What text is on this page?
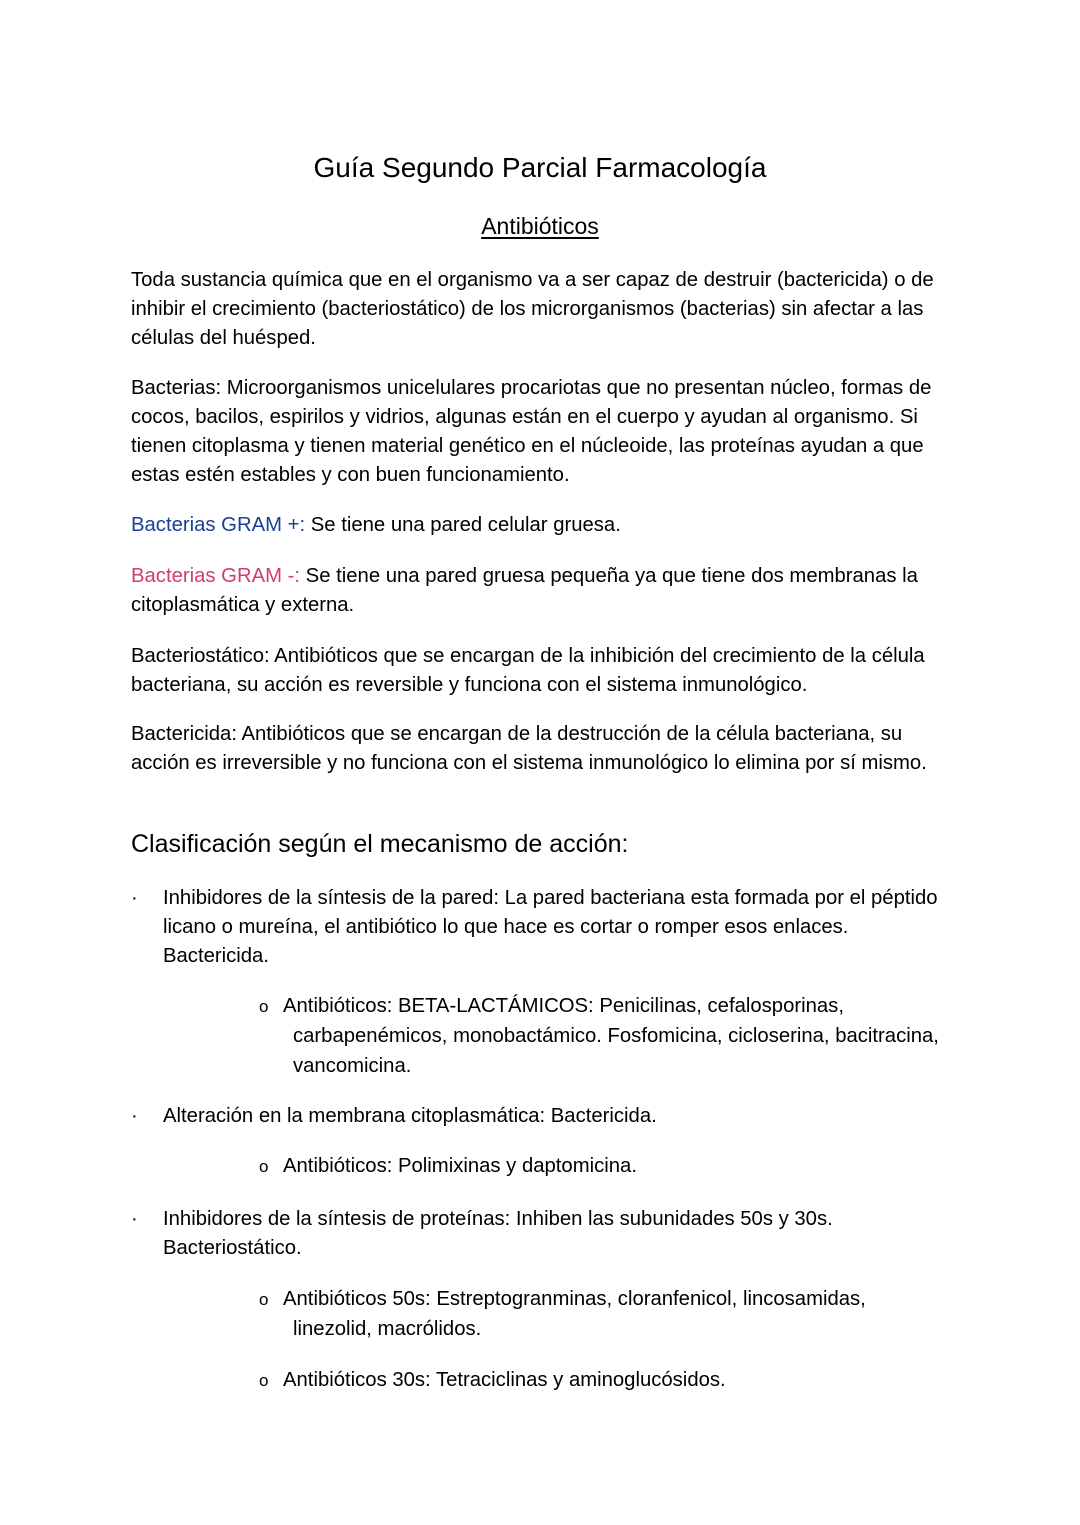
Guía Segundo Parcial Farmacología
Antibióticos

Toda sustancia química que en el organismo va a ser capaz de destruir (bactericida) o de inhibir el crecimiento (bacteriostático) de los microrganismos (bacterias) sin afectar a las células del huésped.

Bacterias: Microorganismos unicelulares procariotas que no presentan núcleo, formas de cocos, bacilos, espirilos y vidrios, algunas están en el cuerpo y ayudan al organismo. Si tienen citoplasma y tienen material genético en el núcleoide, las proteínas ayudan a que estas estén estables y con buen funcionamiento.

Bacterias GRAM +: Se tiene una pared celular gruesa.

Bacterias GRAM -: Se tiene una pared gruesa pequeña ya que tiene dos membranas la citoplasmática y externa.

Bacteriostático: Antibióticos que se encargan de la inhibición del crecimiento de la célula bacteriana, su acción es reversible y funciona con el sistema inmunológico.

Bactericida: Antibióticos que se encargan de la destrucción de la célula bacteriana, su acción es irreversible y no funciona con el sistema inmunológico lo elimina por sí mismo.

Clasificación según el mecanismo de acción:
· Inhibidores de la síntesis de la pared: La pared bacteriana esta formada por el péptido licano o mureína, el antibiótico lo que hace es cortar o romper esos enlaces. Bactericida.

o Antibióticos: BETA-LACTÁMICOS: Penicilinas, cefalosporinas,
carbapenémicos, monobactámico. Fosfomicina, cicloserina, bacitracina, vancomicina.

· Alteración en la membrana citoplasmática: Bactericida.

o Antibióticos: Polimixinas y daptomicina.

· Inhibidores de la síntesis de proteínas: Inhiben las subunidades 50s y 30s. Bacteriostático.

o Antibióticos 50s: Estreptogranminas, cloranfenicol, lincosamidas,
linezolid, macrólidos.

o Antibióticos 30s: Tetraciclinas y aminoglucósidos.
